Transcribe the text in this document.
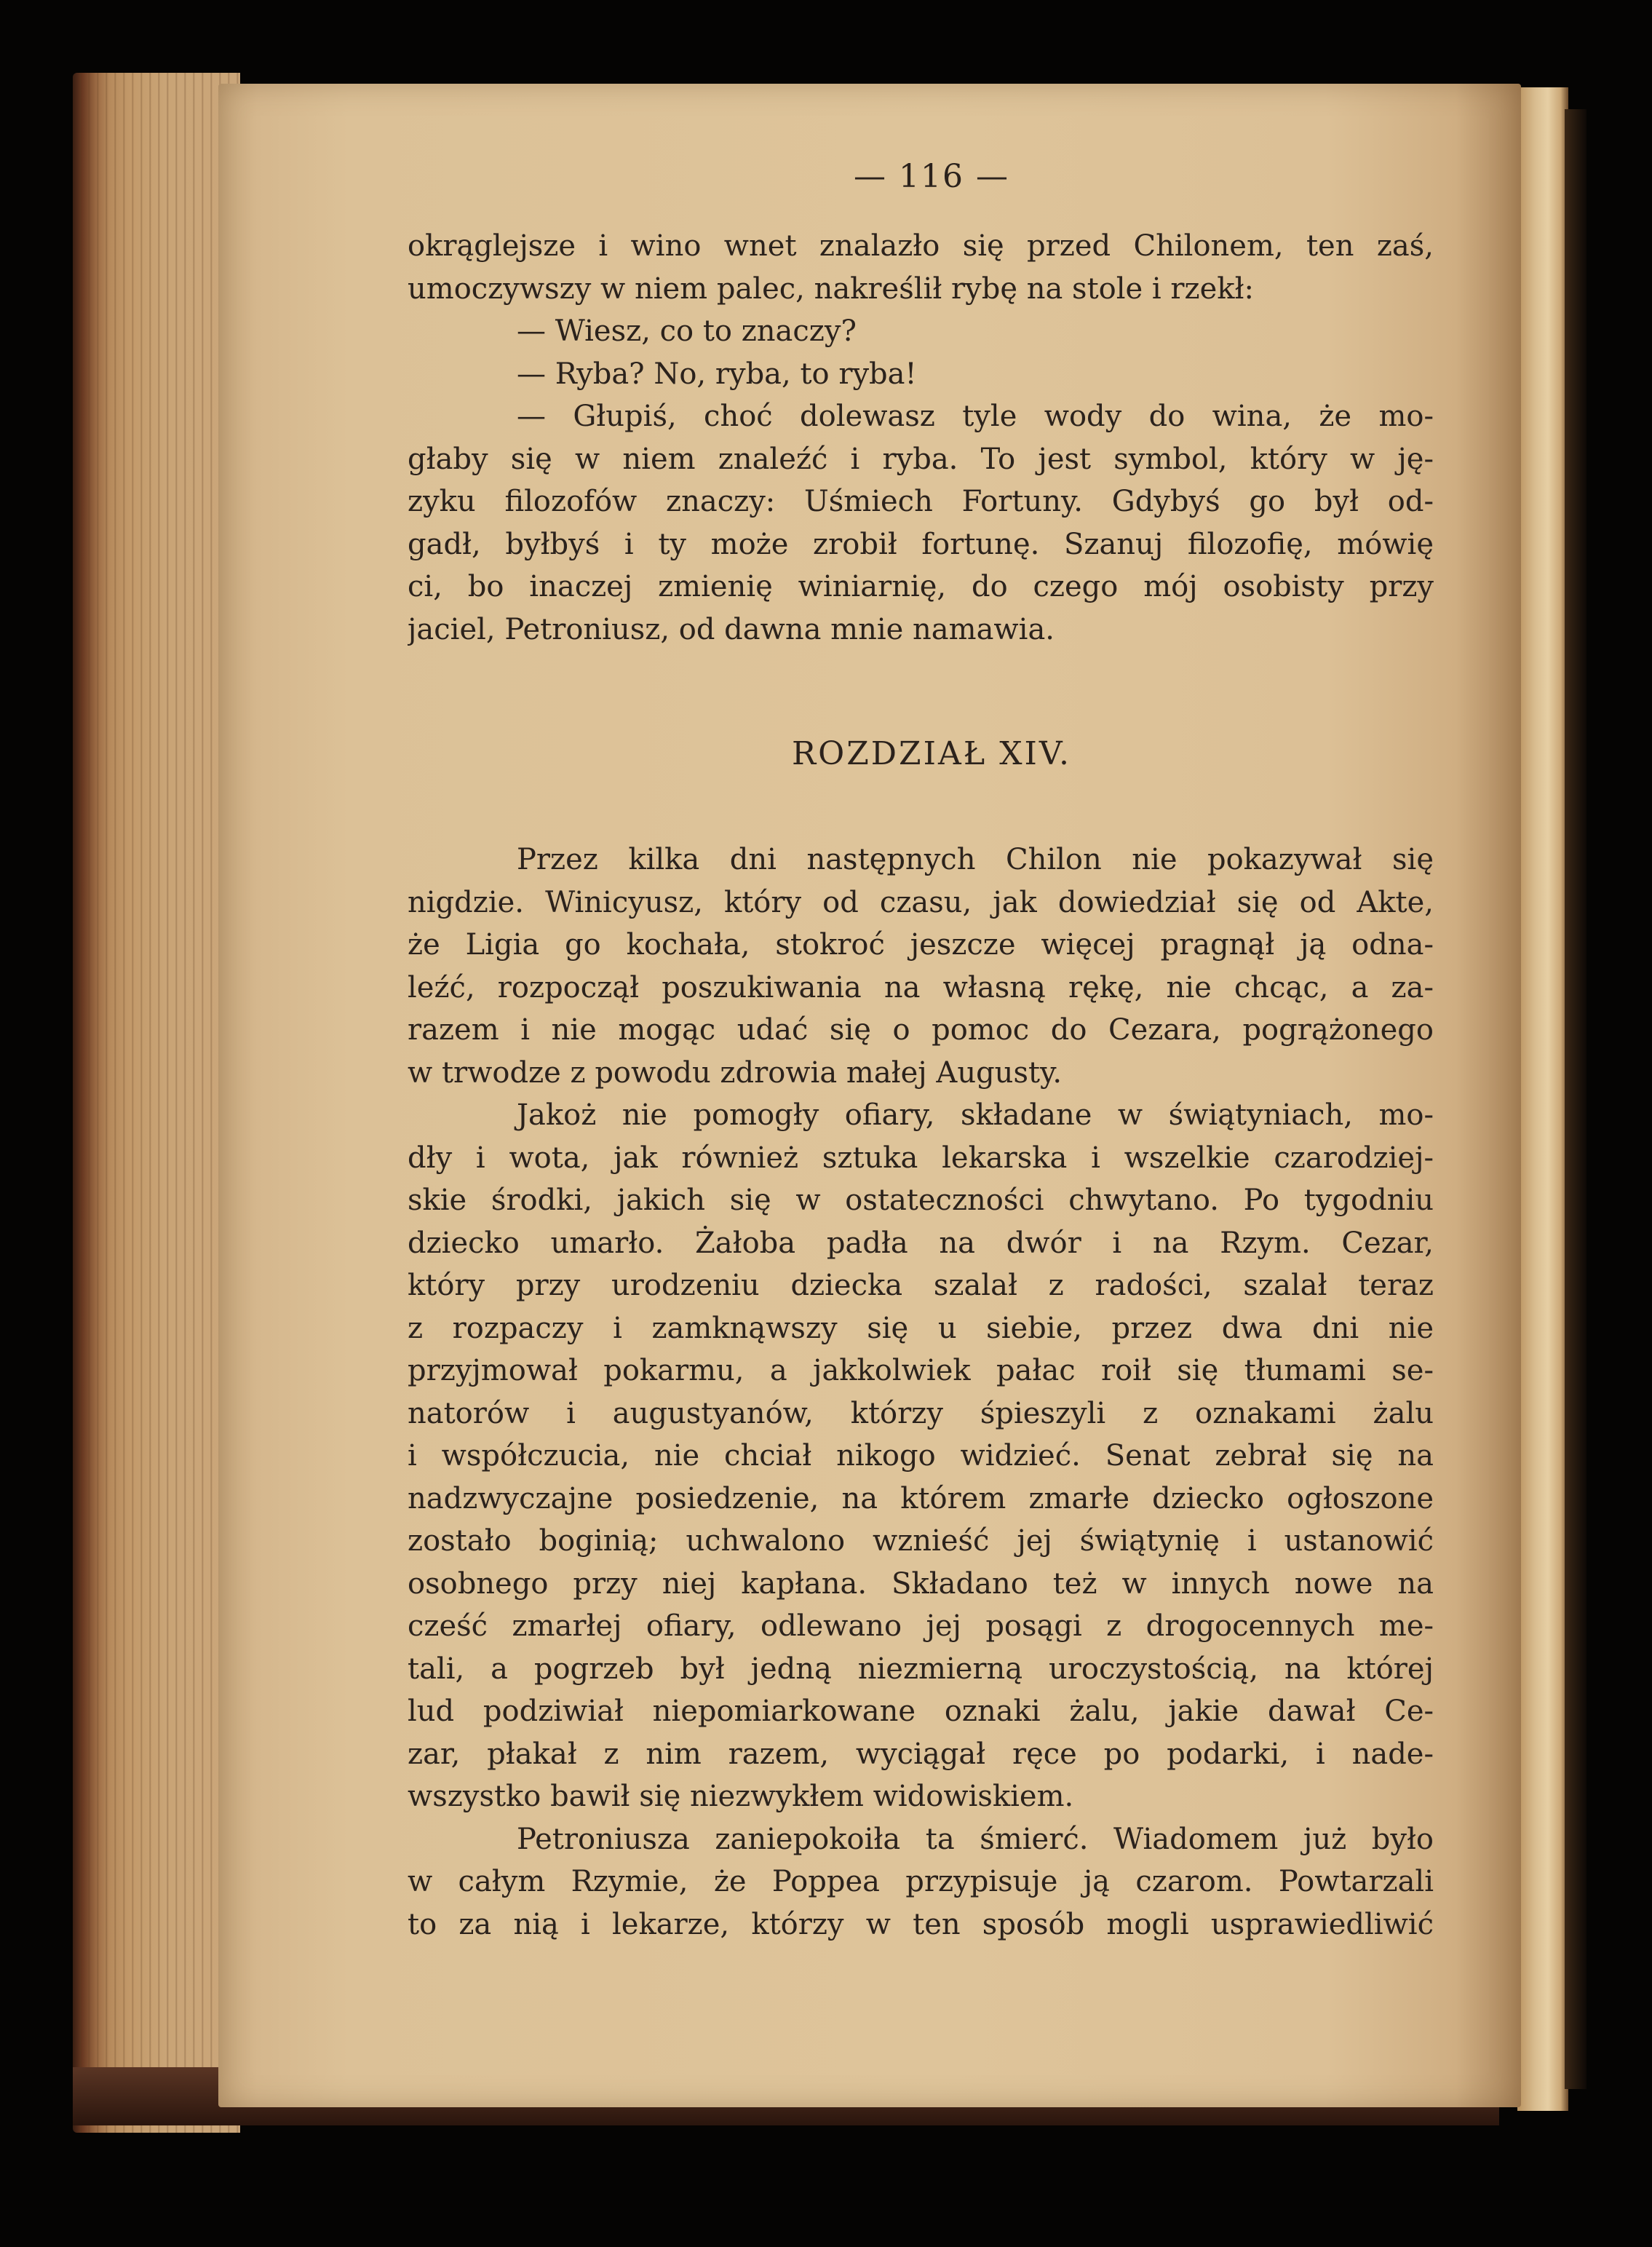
— 116 —
okrąglejsze i wino wnet znalazło się przed Chilonem, ten zaś,
umoczywszy w niem palec, nakreślił rybę na stole i rzekł:
— Wiesz, co to znaczy?
— Ryba? No, ryba, to ryba!
— Głupiś, choć dolewasz tyle wody do wina, że mo-
głaby się w niem znaleźć i ryba. To jest symbol, który w ję-
zyku filozofów znaczy: Uśmiech Fortuny. Gdybyś go był od-
gadł, byłbyś i ty może zrobił fortunę. Szanuj filozofię, mówię
ci, bo inaczej zmienię winiarnię, do czego mój osobisty przy
jaciel, Petroniusz, od dawna mnie namawia.
ROZDZIAŁ XIV.
Przez kilka dni następnych Chilon nie pokazywał się
nigdzie. Winicyusz, który od czasu, jak dowiedział się od Akte,
że Ligia go kochała, stokroć jeszcze więcej pragnął ją odna-
leźć, rozpoczął poszukiwania na własną rękę, nie chcąc, a za-
razem i nie mogąc udać się o pomoc do Cezara, pogrążonego
w trwodze z powodu zdrowia małej Augusty.
Jakoż nie pomogły ofiary, składane w świątyniach, mo-
dły i wota, jak również sztuka lekarska i wszelkie czarodziej-
skie środki, jakich się w ostateczności chwytano. Po tygodniu
dziecko umarło. Żałoba padła na dwór i na Rzym. Cezar,
który przy urodzeniu dziecka szalał z radości, szalał teraz
z rozpaczy i zamknąwszy się u siebie, przez dwa dni nie
przyjmował pokarmu, a jakkolwiek pałac roił się tłumami se-
natorów i augustyanów, którzy śpieszyli z oznakami żalu
i współczucia, nie chciał nikogo widzieć. Senat zebrał się na
nadzwyczajne posiedzenie, na którem zmarłe dziecko ogłoszone
zostało boginią; uchwalono wznieść jej świątynię i ustanowić
osobnego przy niej kapłana. Składano też w innych nowe na
cześć zmarłej ofiary, odlewano jej posągi z drogocennych me-
tali, a pogrzeb był jedną niezmierną uroczystością, na której
lud podziwiał niepomiarkowane oznaki żalu, jakie dawał Ce-
zar, płakał z nim razem, wyciągał ręce po podarki, i nade-
wszystko bawił się niezwykłem widowiskiem.
Petroniusza zaniepokoiła ta śmierć. Wiadomem już było
w całym Rzymie, że Poppea przypisuje ją czarom. Powtarzali
to za nią i lekarze, którzy w ten sposób mogli usprawiedliwić
